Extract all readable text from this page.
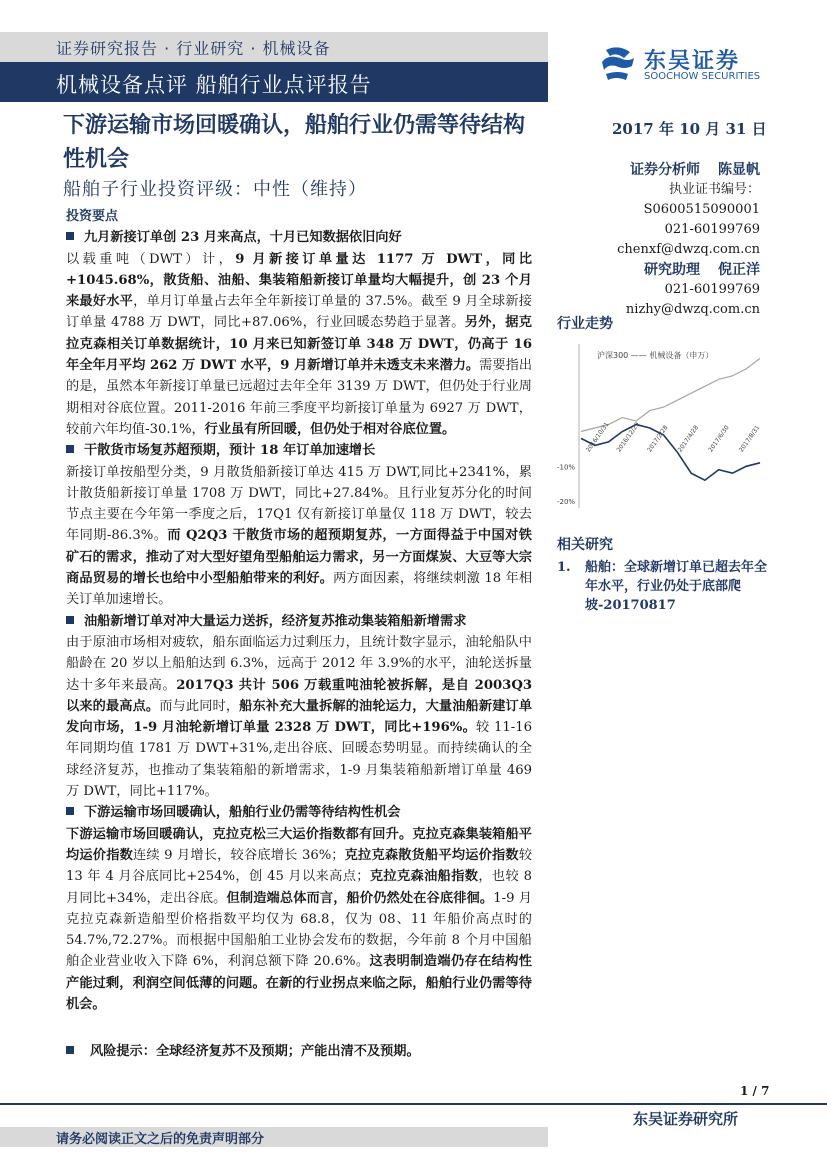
证券研究报告 · 行业研究 · 机械设备
机械设备点评 船舶行业点评报告
东吴证券
SOOCHOW SECURITIES
下游运输市场回暖确认，船舶行业仍需等待结构性机会
船舶子行业投资评级：中性（维持）
2017 年 10 月 31 日
证券分析师 陈显帆
执业证书编号：S0600515090001
021-60199769
chenxf@dwzq.com.cn
研究助理 倪正洋
021-60199769
nizhy@dwzq.com.cn
行业走势
沪深300 —— 机械设备（申万）
-10%
-20%
2016/10/31 2016/12/29 2017/2/28 2017/4/28 2017/6/30 2017/8/31
相关研究
1.	船舶：全球新增订单已超去年全年水平，行业仍处于底部爬坡-20170817

投资要点

九月新接订单创 23 月来高点，十月已知数据依旧向好

以载重吨（DWT）计，9 月新接订单量达 1177 万 DWT，同比+1045.68%，散货船、油船、集装箱船新接订单量均大幅提升，创 23 个月来最好水平，单月订单量占去年全年新接订单量的 37.5%。截至 9 月全球新接订单量 4788 万 DWT，同比+87.06%，行业回暖态势趋于显著。另外，据克拉克森相关订单数据统计，10 月来已知新签订单 348 万 DWT，仍高于 16 年全年月平均 262 万 DWT 水平，9 月新增订单并未透支未来潜力。需要指出的是，虽然本年新接订单量已远超过去年全年 3139 万 DWT，但仍处于行业周期相对谷底位置。2011-2016 年前三季度平均新接订单量为 6927 万 DWT，较前六年均值-30.1%，行业虽有所回暖，但仍处于相对谷底位置。

干散货市场复苏超预期，预计 18 年订单加速增长

新接订单按船型分类，9 月散货船新接订单达 415 万 DWT,同比+2341%，累计散货船新接订单量 1708 万 DWT，同比+27.84%。且行业复苏分化的时间节点主要在今年第一季度之后，17Q1 仅有新接订单量仅 118 万 DWT，较去年同期-86.3%。而 Q2Q3 干散货市场的超预期复苏，一方面得益于中国对铁矿石的需求，推动了对大型好望角型船舶运力需求，另一方面煤炭、大豆等大宗商品贸易的增长也给中小型船舶带来的利好。两方面因素，将继续刺激 18 年相关订单加速增长。

油船新增订单对冲大量运力送拆，经济复苏推动集装箱船新增需求

由于原油市场相对疲软，船东面临运力过剩压力，且统计数字显示，油轮船队中船龄在 20 岁以上船舶达到 6.3%，远高于 2012 年 3.9%的水平，油轮送拆量达十多年来最高。2017Q3 共计 506 万载重吨油轮被拆解，是自 2003Q3 以来的最高点。而与此同时，船东补充大量拆解的油轮运力，大量油船新建订单发向市场，1-9 月油轮新增订单量 2328 万 DWT，同比+196%。较 11-16 年同期均值 1781 万 DWT+31%,走出谷底、回暖态势明显。而持续确认的全球经济复苏，也推动了集装箱船的新增需求，1-9 月集装箱船新增订单量 469 万 DWT，同比+117%。

下游运输市场回暖确认，船舶行业仍需等待结构性机会

下游运输市场回暖确认，克拉克松三大运价指数都有回升。克拉克森集装箱船平均运价指数连续 9 月增长，较谷底增长 36%；克拉克森散货船平均运价指数较 13 年 4 月谷底同比+254%，创 45 月以来高点；克拉克森油船指数，也较 8 月同比+34%，走出谷底。但制造端总体而言，船价仍然处在谷底徘徊。1-9 月克拉克森新造船型价格指数平均仅为 68.8，仅为 08、11 年船价高点时的 54.7%,72.27%。而根据中国船舶工业协会发布的数据，今年前 8 个月中国船舶企业营业收入下降 6%，利润总额下降 20.6%。这表明制造端仍存在结构性产能过剩，利润空间低薄的问题。在新的行业拐点来临之际，船舶行业仍需等待机会。

风险提示：全球经济复苏不及预期；产能出清不及预期。
1 / 7
东吴证券研究所
请务必阅读正文之后的免责声明部分
